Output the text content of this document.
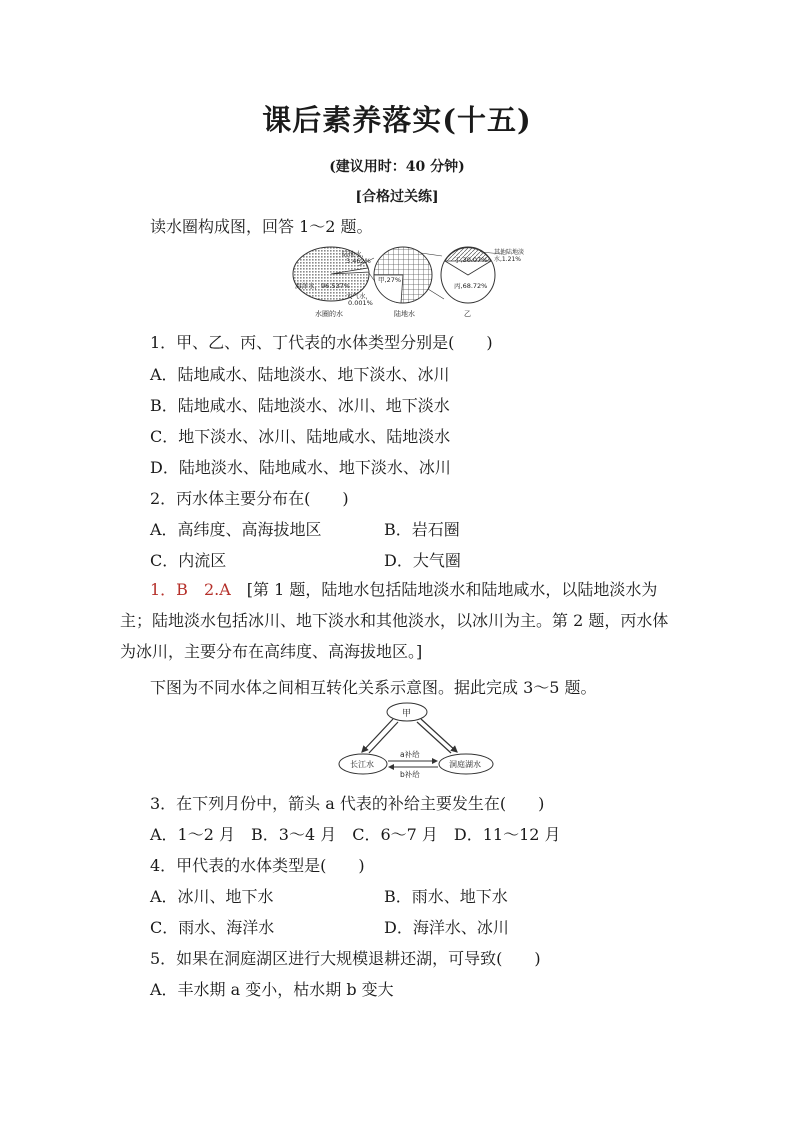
课后素养落实(十五)
(建议用时：40 分钟)
[合格过关练]
读水圈构成图，回答 1～2 题。
陆地水，
3.462%
海洋水，96.537%
大气水，
0.001%
水圈的水
甲,27%
陆地水
其他陆地淡
水,1.21%
丁,30.07%
丙,68.72%
乙
1．甲、乙、丙、丁代表的水体类型分别是(　　)
A．陆地咸水、陆地淡水、地下淡水、冰川
B．陆地咸水、陆地淡水、冰川、地下淡水
C．地下淡水、冰川、陆地咸水、陆地淡水
D．陆地淡水、陆地咸水、地下淡水、冰川
2．丙水体主要分布在(　　)
A．高纬度、高海拔地区	B．岩石圈
C．内流区	D．大气圈
1．B　2.A　 [第 1 题，陆地水包括陆地淡水和陆地咸水，以陆地淡水为主；陆地淡水包括冰川、地下淡水和其他淡水，以冰川为主。第 2 题，丙水体为冰川，主要分布在高纬度、高海拔地区。]
下图为不同水体之间相互转化关系示意图。据此完成 3～5 题。
甲
长江水	洞庭湖水
a补给
b补给
3．在下列月份中，箭头 a 代表的补给主要发生在(　　)
A．1～2 月　B．3～4 月　C．6～7 月　D．11～12 月
4．甲代表的水体类型是(　　)
A．冰川、地下水	B．雨水、地下水
C．雨水、海洋水	D．海洋水、冰川
5．如果在洞庭湖区进行大规模退耕还湖，可导致(　　)
A．丰水期 a 变小，枯水期 b 变大
